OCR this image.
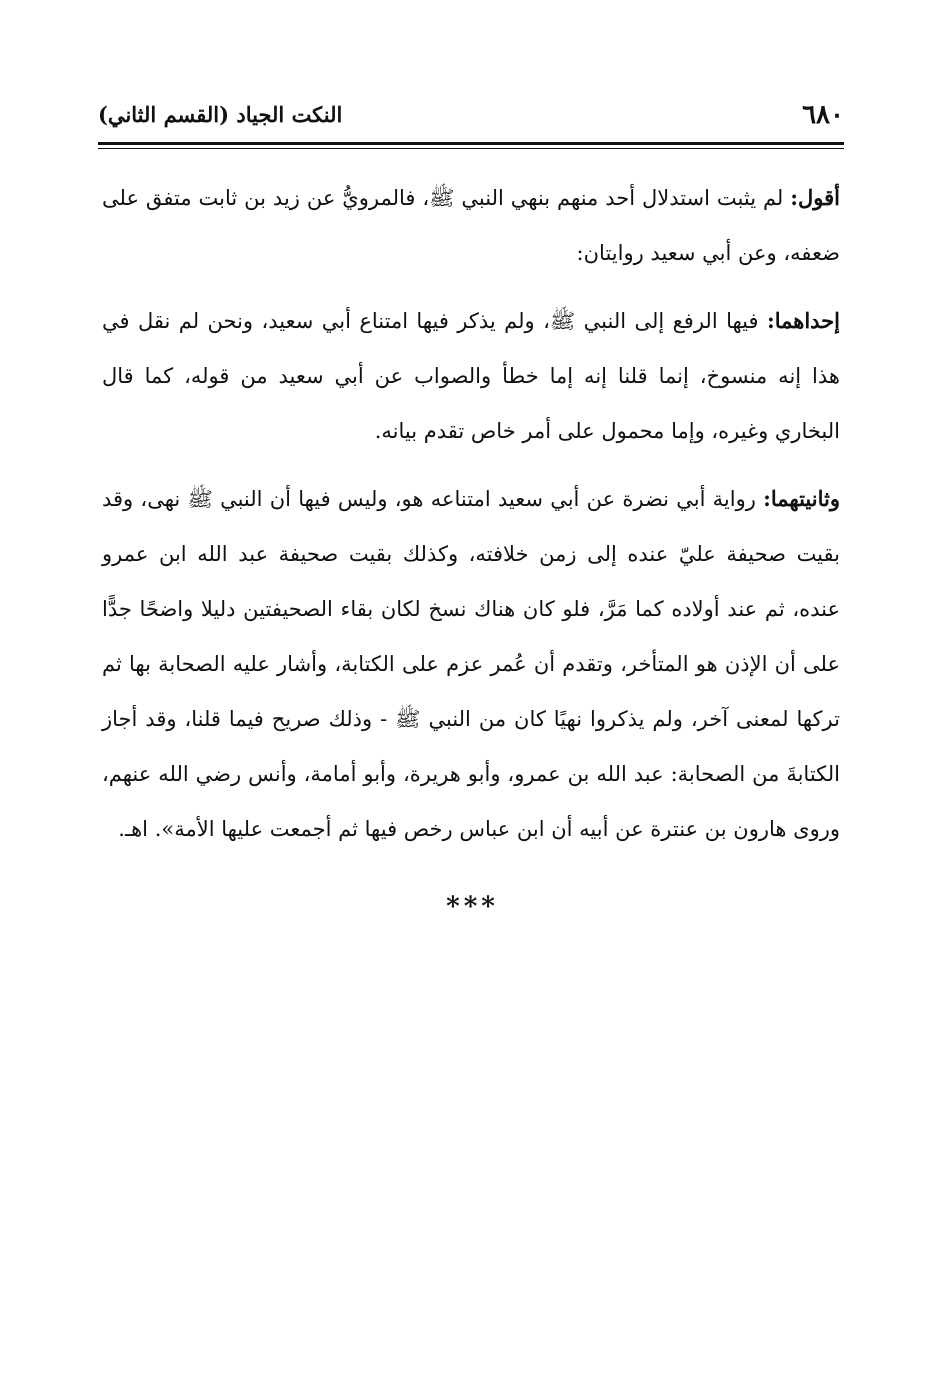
٦٨٠
النكت الجياد (القسم الثاني)

أقول: لم يثبت استدلال أحد منهم بنهي النبي ﷺ، فالمرويُّ عن زيد بن ثابت متفق على ضعفه، وعن أبي سعيد روايتان:

إحداهما: فيها الرفع إلى النبي ﷺ، ولم يذكر فيها امتناع أبي سعيد، ونحن لم نقل في هذا إنه منسوخ، إنما قلنا إنه إما خطأ والصواب عن أبي سعيد من قوله، كما قال البخاري وغيره، وإما محمول على أمر خاص تقدم بيانه.

وثانيتهما: رواية أبي نضرة عن أبي سعيد امتناعه هو، وليس فيها أن النبي ﷺ نهى، وقد بقيت صحيفة عليّ عنده إلى زمن خلافته، وكذلك بقيت صحيفة عبد الله ابن عمرو عنده، ثم عند أولاده كما مَرَّ، فلو كان هناك نسخ لكان بقاء الصحيفتين دليلا واضحًا جدًّا على أن الإذن هو المتأخر، وتقدم أن عُمر عزم على الكتابة، وأشار عليه الصحابة بها ثم تركها لمعنى آخر، ولم يذكروا نهيًا كان من النبي ﷺ - وذلك صريح فيما قلنا، وقد أجاز الكتابةَ من الصحابة: عبد الله بن عمرو، وأبو هريرة، وأبو أمامة، وأنس رضي الله عنهم، وروى هارون بن عنترة عن أبيه أن ابن عباس رخص فيها ثم أجمعت عليها الأمة». اهـ.

***
